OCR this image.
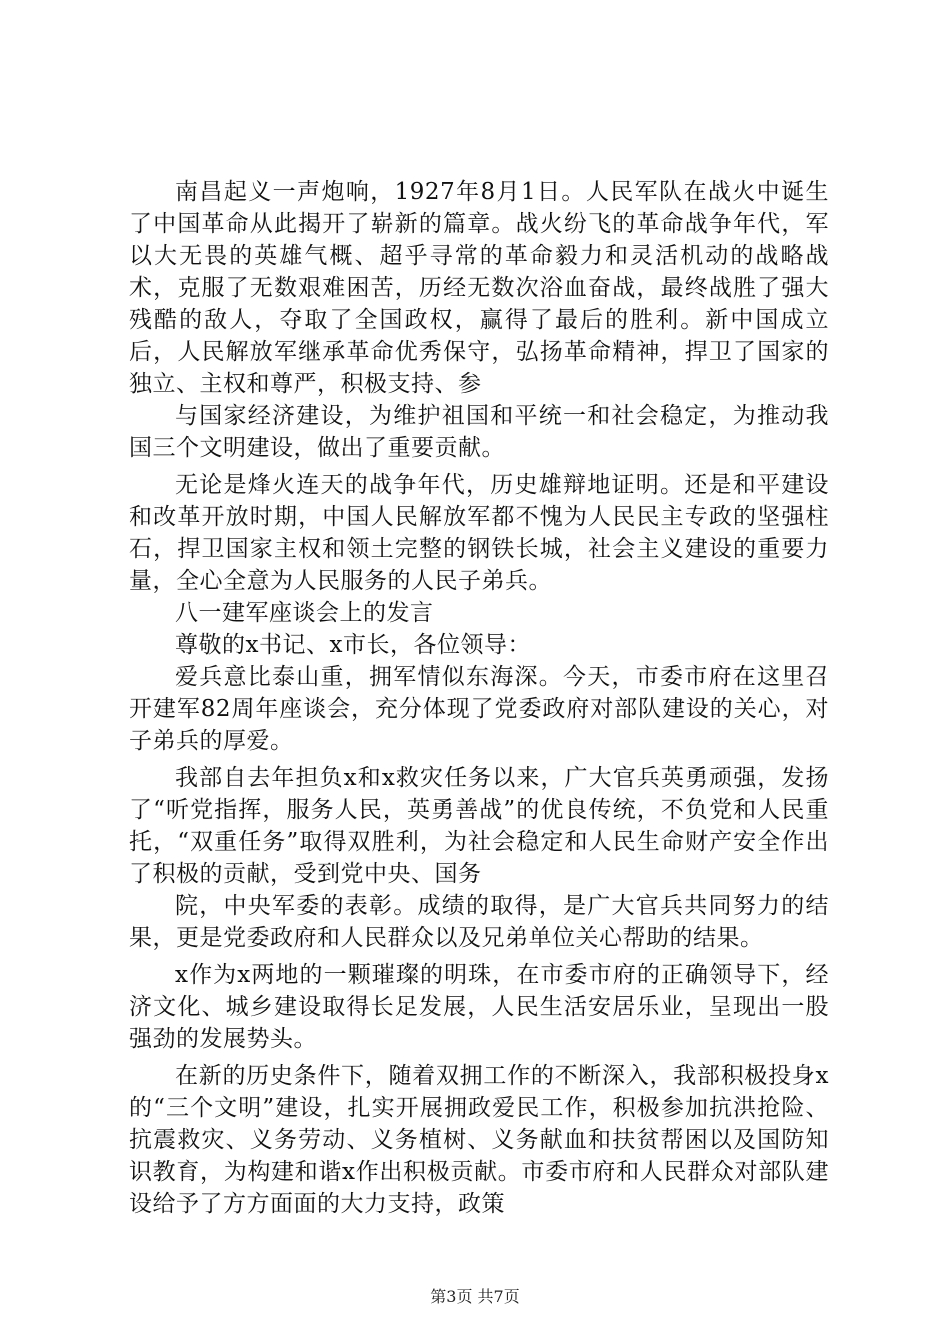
南昌起义一声炮响，1927年8月1日。人民军队在战火中诞生了中国革命从此揭开了崭新的篇章。战火纷飞的革命战争年代，军以大无畏的英雄气概、超乎寻常的革命毅力和灵活机动的战略战术，克服了无数艰难困苦，历经无数次浴血奋战，最终战胜了强大残酷的敌人，夺取了全国政权，赢得了最后的胜利。新中国成立后，人民解放军继承革命优秀保守，弘扬革命精神，捍卫了国家的独立、主权和尊严，积极支持、参

与国家经济建设，为维护祖国和平统一和社会稳定，为推动我国三个文明建设，做出了重要贡献。

无论是烽火连天的战争年代，历史雄辩地证明。还是和平建设和改革开放时期，中国人民解放军都不愧为人民民主专政的坚强柱石，捍卫国家主权和领土完整的钢铁长城，社会主义建设的重要力量，全心全意为人民服务的人民子弟兵。

八一建军座谈会上的发言

尊敬的x书记、x市长，各位领导：

爱兵意比泰山重，拥军情似东海深。今天，市委市府在这里召开建军82周年座谈会，充分体现了党委政府对部队建设的关心，对子弟兵的厚爱。

我部自去年担负x和x救灾任务以来，广大官兵英勇顽强，发扬了“听党指挥，服务人民，英勇善战”的优良传统，不负党和人民重托，“双重任务”取得双胜利，为社会稳定和人民生命财产安全作出了积极的贡献，受到党中央、国务

院，中央军委的表彰。成绩的取得，是广大官兵共同努力的结果，更是党委政府和人民群众以及兄弟单位关心帮助的结果。

x作为x两地的一颗璀璨的明珠，在市委市府的正确领导下，经济文化、城乡建设取得长足发展，人民生活安居乐业，呈现出一股强劲的发展势头。

在新的历史条件下，随着双拥工作的不断深入，我部积极投身x的“三个文明”建设，扎实开展拥政爱民工作，积极参加抗洪抢险、抗震救灾、义务劳动、义务植树、义务献血和扶贫帮困以及国防知识教育，为构建和谐x作出积极贡献。市委市府和人民群众对部队建设给予了方方面面的大力支持，政策

第3页 共7页
